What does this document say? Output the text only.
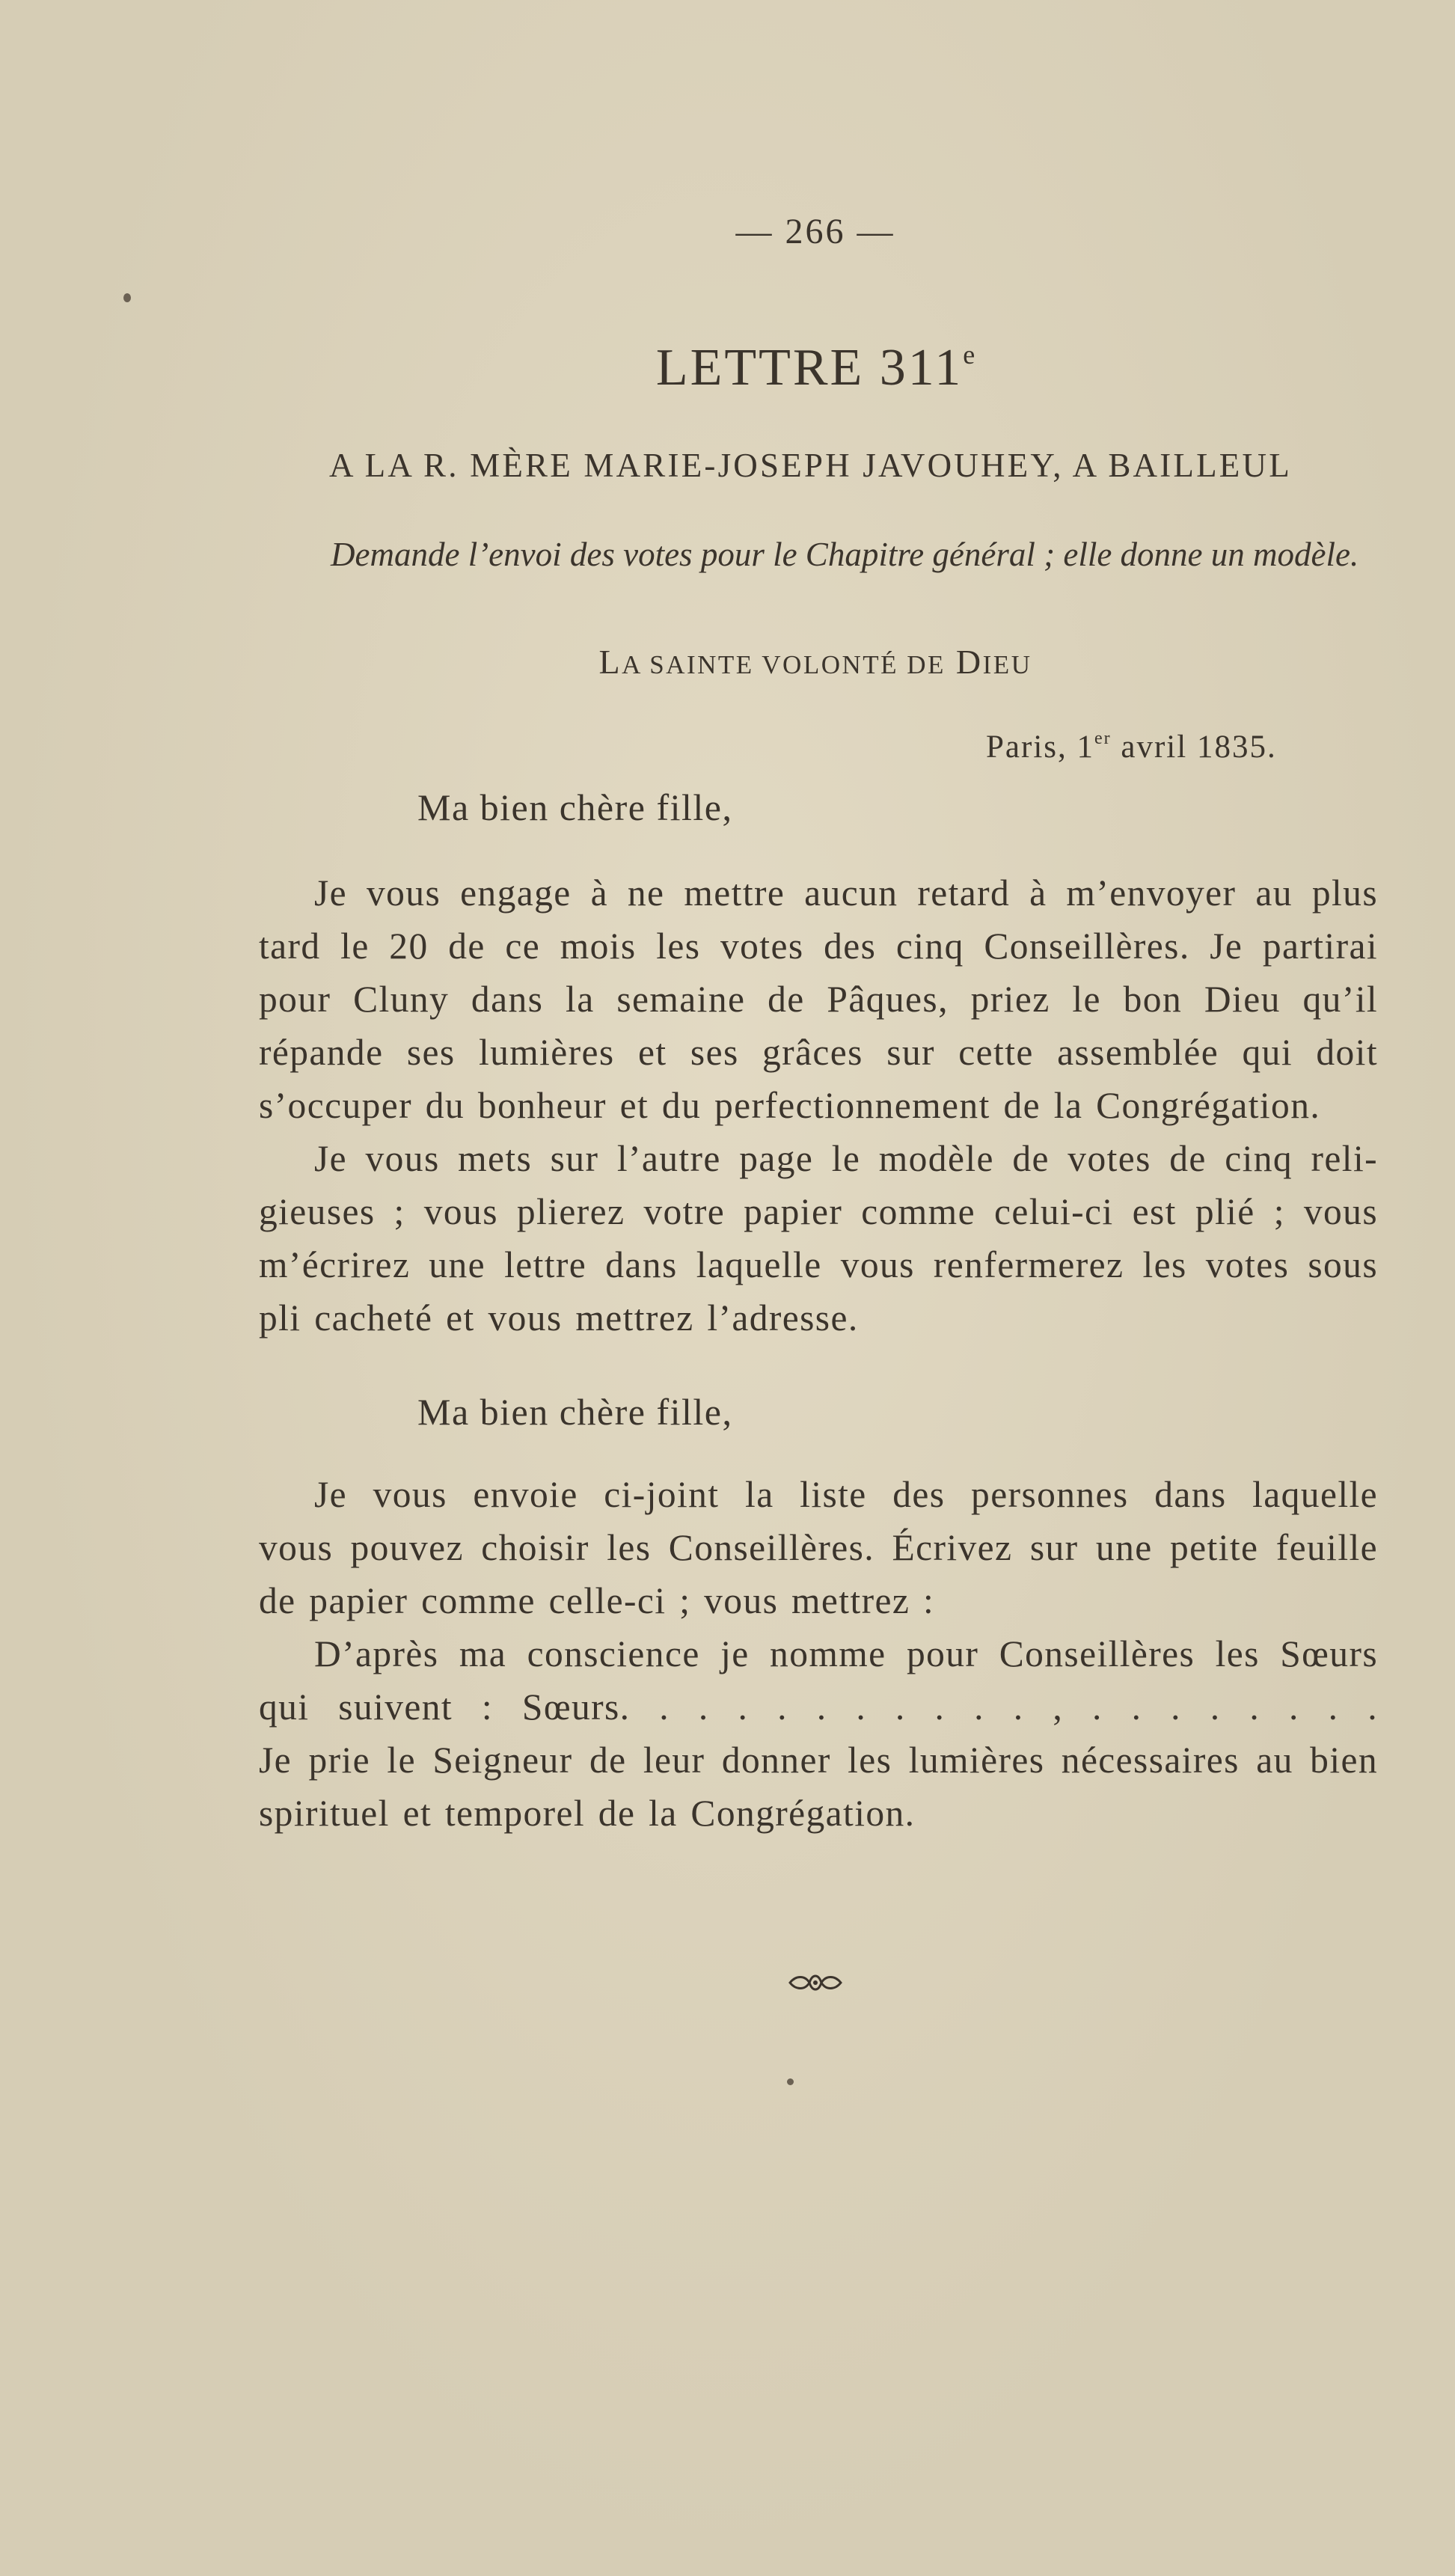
— 266 —
LETTRE 311e
A LA R. MÈRE MARIE-JOSEPH JAVOUHEY, A BAILLEUL
Demande l’envoi des votes pour le Chapitre général ; elle donne un modèle.
LA SAINTE VOLONTÉ DE DIEU
Paris, 1er avril 1835.
Ma bien chère fille,
Je vous engage à ne mettre aucun retard à m’envoyer au plus
tard le 20 de ce mois les votes des cinq Conseillères. Je partirai
pour Cluny dans la semaine de Pâques, priez le bon Dieu qu’il
répande ses lumières et ses grâces sur cette assemblée qui doit
s’occuper du bonheur et du perfectionnement de la Congrégation.
Je vous mets sur l’autre page le modèle de votes de cinq reli-
gieuses ; vous plierez votre papier comme celui-ci est plié ; vous
m’écrirez une lettre dans laquelle vous renfermerez les votes sous
pli cacheté et vous mettrez l’adresse.
Ma bien chère fille,
Je vous envoie ci-joint la liste des personnes dans laquelle
vous pouvez choisir les Conseillères. Écrivez sur une petite feuille
de papier comme celle-ci ; vous mettrez :
D’après ma conscience je nomme pour Conseillères les Sœurs
qui suivent : Sœurs. . . . . . . . . . . , . . . . . . . .
Je prie le Seigneur de leur donner les lumières nécessaires au bien
spirituel et temporel de la Congrégation.
